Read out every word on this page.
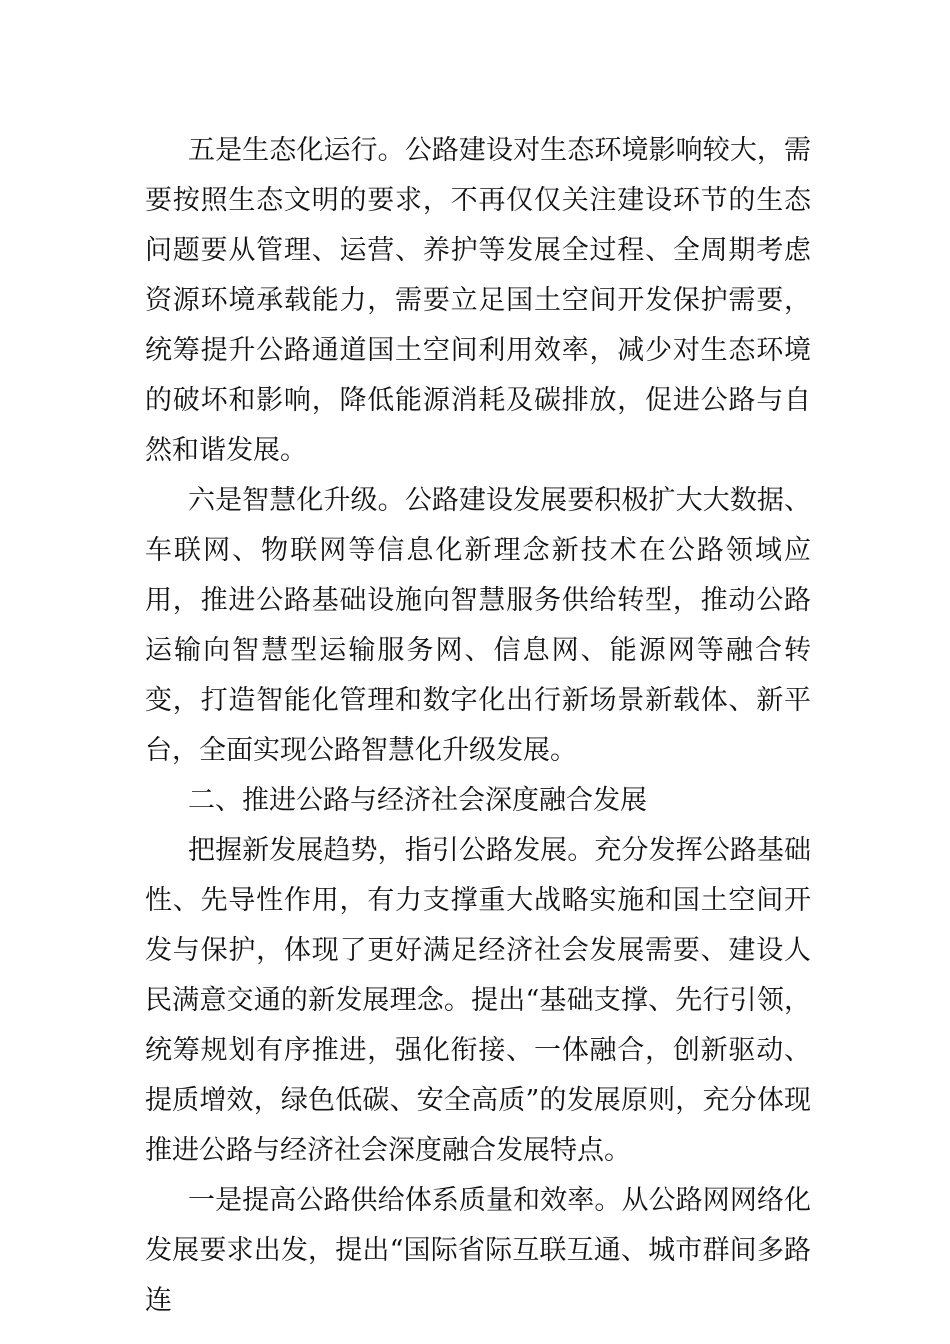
五是生态化运行。公路建设对生态环境影响较大，需要按照生态文明的要求，不再仅仅关注建设环节的生态问题要从管理、运营、养护等发展全过程、全周期考虑资源环境承载能力，需要立足国土空间开发保护需要，统筹提升公路通道国土空间利用效率，减少对生态环境的破坏和影响，降低能源消耗及碳排放，促进公路与自然和谐发展。

六是智慧化升级。公路建设发展要积极扩大大数据、车联网、物联网等信息化新理念新技术在公路领域应用，推进公路基础设施向智慧服务供给转型，推动公路运输向智慧型运输服务网、信息网、能源网等融合转变，打造智能化管理和数字化出行新场景新载体、新平台，全面实现公路智慧化升级发展。

二、推进公路与经济社会深度融合发展

把握新发展趋势，指引公路发展。充分发挥公路基础性、先导性作用，有力支撑重大战略实施和国土空间开发与保护，体现了更好满足经济社会发展需要、建设人民满意交通的新发展理念。提出“基础支撑、先行引领，统筹规划有序推进，强化衔接、一体融合，创新驱动、提质增效，绿色低碳、安全高质”的发展原则，充分体现推进公路与经济社会深度融合发展特点。

一是提高公路供给体系质量和效率。从公路网网络化发展要求出发，提出“国际省际互联互通、城市群间多路连
